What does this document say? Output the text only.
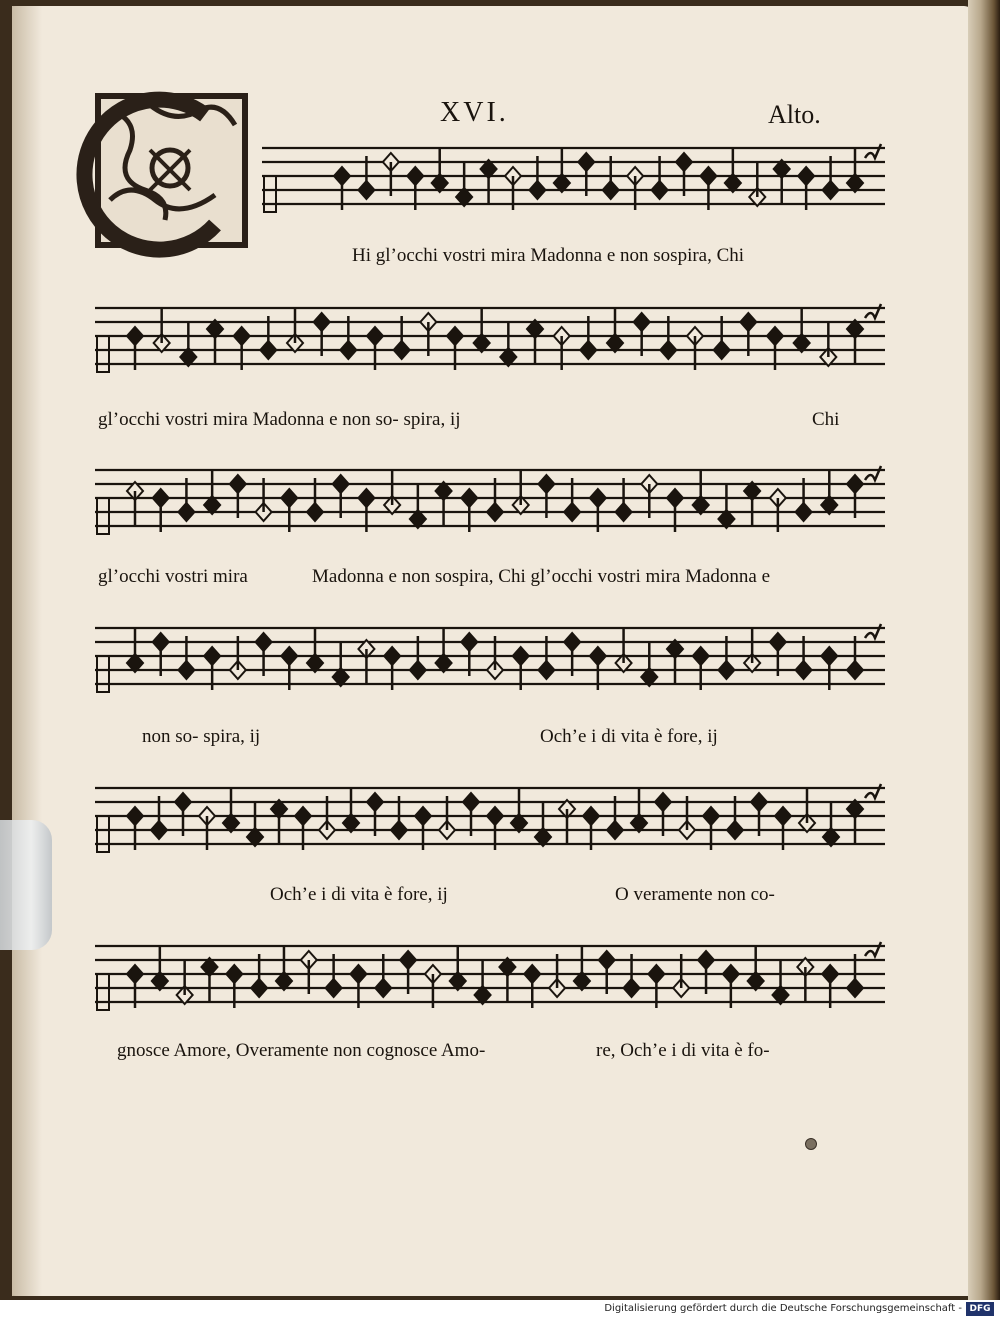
XVI.	Alto.
Hi gl’occhi vostri mira Madonna e non sospira, Chi
gl’occhi vostri mira Madonna e non so- spira, ij	Chi
gl’occhi vostri mira	Madonna e non sospira, Chi gl’occhi vostri mira Madonna e
non so- spira, ij	Och’e i di vita è fore, ij
Och’e i di vita è fore, ij	O veramente non co-
gnosce Amore, Overamente non cognosce Amo-	re, Och’e i di vita è fo-
Digitalisierung gefördert durch die Deutsche Forschungsgemeinschaft - DFG
